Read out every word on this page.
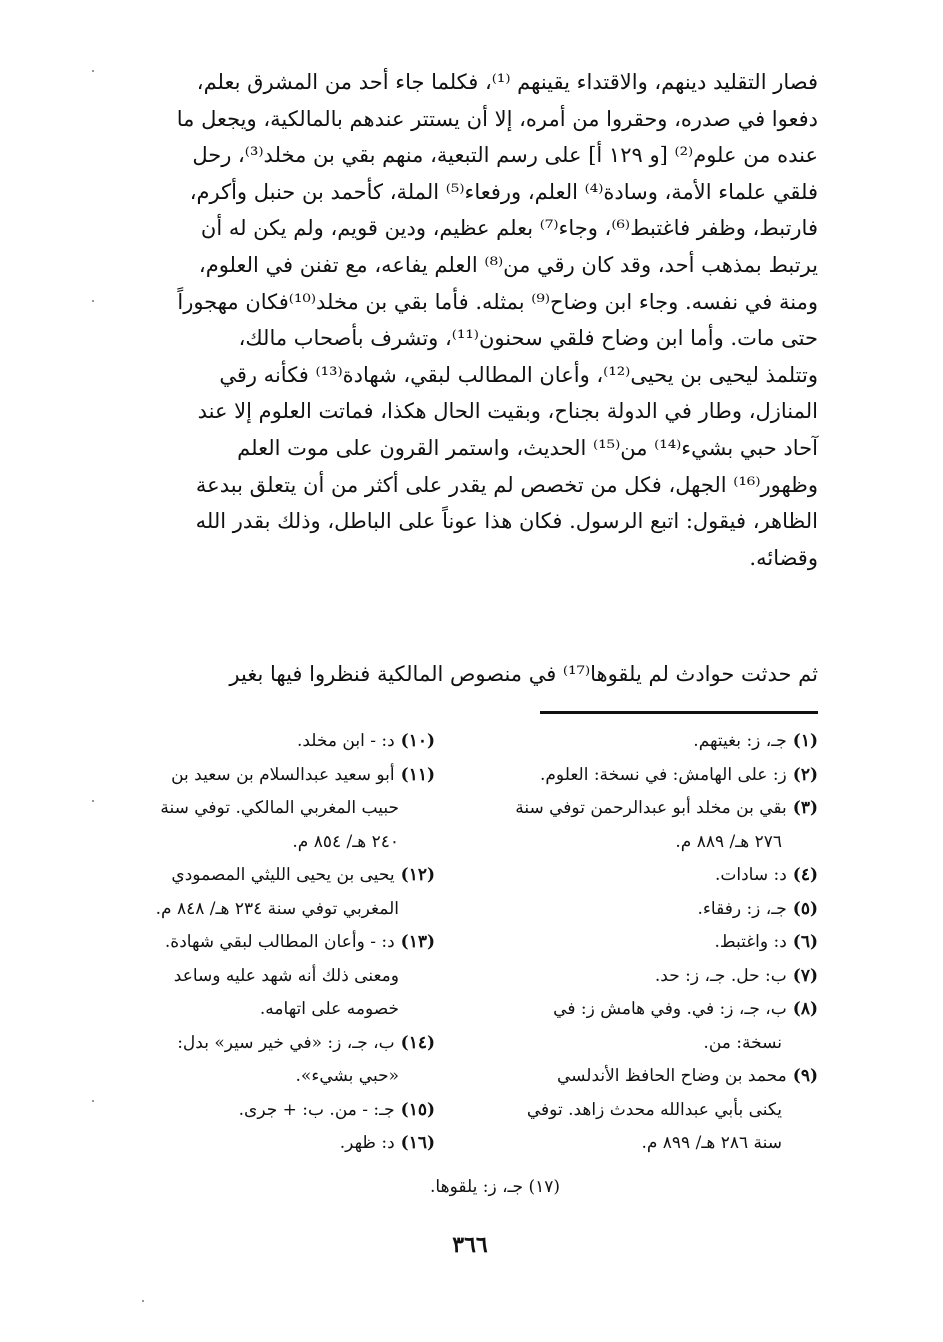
فصار التقليد دينهم، والاقتداء يقينهم ⁽¹⁾، فكلما جاء أحد من المشرق بعلم،

دفعوا في صدره، وحقروا من أمره، إلا أن يستتر عندهم بالمالكية، ويجعل ما

عنده من علوم⁽²⁾ [و ١٢٩ أ] على رسم التبعية، منهم بقي بن مخلد⁽³⁾، رحل

فلقي علماء الأمة، وسادة⁽⁴⁾ العلم، ورفعاء⁽⁵⁾ الملة، كأحمد بن حنبل وأكرم،

فارتبط، وظفر فاغتبط⁽⁶⁾، وجاء⁽⁷⁾ بعلم عظيم، ودين قويم، ولم يكن له أن

يرتبط بمذهب أحد، وقد كان رقي من⁽⁸⁾ العلم يفاعه، مع تفنن في العلوم،

ومنة في نفسه. وجاء ابن وضاح⁽⁹⁾ بمثله. فأما بقي بن مخلد⁽¹⁰⁾فكان مهجوراً

حتى مات. وأما ابن وضاح فلقي سحنون⁽¹¹⁾، وتشرف بأصحاب مالك،

وتتلمذ ليحيى بن يحيى⁽¹²⁾، وأعان المطالب لبقي، شهادة⁽¹³⁾ فكأنه رقي

المنازل، وطار في الدولة بجناح، وبقيت الحال هكذا، فماتت العلوم إلا عند

آحاد حبي بشيء⁽¹⁴⁾ من⁽¹⁵⁾ الحديث، واستمر القرون على موت العلم

وظهور⁽¹⁶⁾ الجهل، فكل من تخصص لم يقدر على أكثر من أن يتعلق ببدعة

الظاهر، فيقول: اتبع الرسول. فكان هذا عوناً على الباطل، وذلك بقدر الله

وقضائه.

ثم حدثت حوادث لم يلقوها⁽¹⁷⁾ في منصوص المالكية فنظروا فيها بغير

(١)جـ، ز: بغيتهم.
(٢)ز: على الهامش: في نسخة: العلوم.
(٣)بقي بن مخلد أبو عبدالرحمن توفي سنة
٢٧٦ هـ/ ٨٨٩ م.
(٤)د: سادات.
(٥)جـ، ز: رفقاء.
(٦)د: واغتبط.
(٧)ب: حل. جـ، ز: حد.
(٨)ب، جـ، ز: في. وفي هامش ز: في
نسخة: من.
(٩)محمد بن وضاح الحافظ الأندلسي
يكنى بأبي عبدالله محدث زاهد. توفي
سنة ٢٨٦ هـ/ ٨٩٩ م.
(١٠)د: - ابن مخلد.
(١١)أبو سعيد عبدالسلام بن سعيد بن
حبيب المغربي المالكي. توفي سنة
٢٤٠ هـ/ ٨٥٤ م.
(١٢)يحيى بن يحيى الليثي المصمودي
المغربي توفي سنة ٢٣٤ هـ/ ٨٤٨ م.
(١٣)د: - وأعان المطالب لبقي شهادة.
ومعنى ذلك أنه شهد عليه وساعد
خصومه على اتهامه.
(١٤)ب، جـ، ز: «في خير سير» بدل:
«حبي بشيء».
(١٥)جـ: - من. ب: + جرى.
(١٦)د: ظهر.

(١٧) جـ، ز: يلقوها.

٣٦٦
